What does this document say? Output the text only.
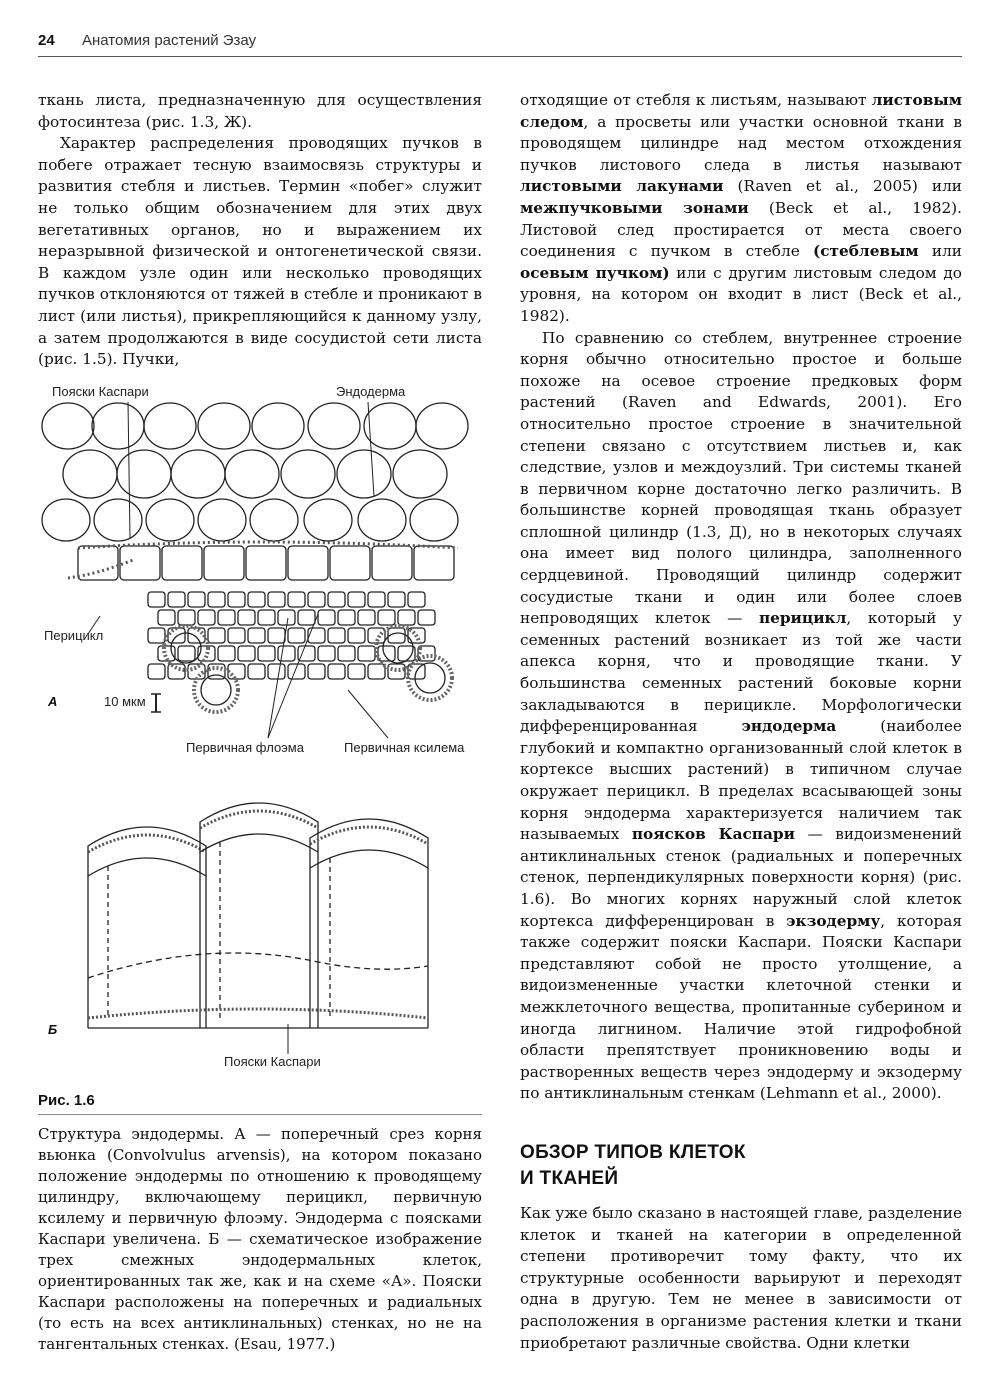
24 Анатомия растений Эзау

ткань листа, предназначенную для осуществления фотосинтеза (рис. 1.3, Ж).

Характер распределения проводящих пучков в побеге отражает тесную взаимосвязь структуры и развития стебля и листьев. Термин «побег» служит не только общим обозначением для этих двух вегетативных органов, но и выражением их неразрывной физической и онтогенетической связи. В каждом узле один или несколько проводящих пучков отклоняются от тяжей в стебле и проникают в лист (или листья), прикрепляющийся к данному узлу, а затем продолжаются в виде сосудистой сети листа (рис. 1.5). Пучки,

Пояски Каспари	Эндодерма
Перицикл
А	10 мкм
Первичная флоэма	Первичная ксилема
Б
Пояски Каспари
Рис. 1.6
Структура эндодермы. А — поперечный срез корня вьюнка (Convolvulus arvensis), на котором показано положение эндодермы по отношению к проводящему цилиндру, включающему перицикл, первичную ксилему и первичную флоэму. Эндодерма с поясками Каспари увеличена. Б — схематическое изображение трех смежных эндодермальных клеток, ориентированных так же, как и на схеме «А». Пояски Каспари расположены на поперечных и радиальных (то есть на всех антиклинальных) стенках, но не на тангентальных стенках. (Esau, 1977.)

отходящие от стебля к листьям, называют листовым следом, а просветы или участки основной ткани в проводящем цилиндре над местом отхождения пучков листового следа в листья называют листовыми лакунами (Raven et al., 2005) или межпучковыми зонами (Beck et al., 1982). Листовой след простирается от места своего соединения с пучком в стебле (стеблевым или осевым пучком) или с другим листовым следом до уровня, на котором он входит в лист (Beck et al., 1982).

По сравнению со стеблем, внутреннее строение корня обычно относительно простое и больше похоже на осевое строение предковых форм растений (Raven and Edwards, 2001). Его относительно простое строение в значительной степени связано с отсутствием листьев и, как следствие, узлов и междоузлий. Три системы тканей в первичном корне достаточно легко различить. В большинстве корней проводящая ткань образует сплошной цилиндр (1.3, Д), но в некоторых случаях она имеет вид полого цилиндра, заполненного сердцевиной. Проводящий цилиндр содержит сосудистые ткани и один или более слоев непроводящих клеток — перицикл, который у семенных растений возникает из той же части апекса корня, что и проводящие ткани. У большинства семенных растений боковые корни закладываются в перицикле. Морфологически дифференцированная эндодерма (наиболее глубокий и компактно организованный слой клеток в кортексе высших растений) в типичном случае окружает перицикл. В пределах всасывающей зоны корня эндодерма характеризуется наличием так называемых поясков Каспари — видоизменений антиклинальных стенок (радиальных и поперечных стенок, перпендикулярных поверхности корня) (рис. 1.6). Во многих корнях наружный слой клеток кортекса дифференцирован в экзодерму, которая также содержит пояски Каспари. Пояски Каспари представляют собой не просто утолщение, а видоизмененные участки клеточной стенки и межклеточного вещества, пропитанные суберином и иногда лигнином. Наличие этой гидрофобной области препятствует проникновению воды и растворенных веществ через эндодерму и экзодерму по антиклинальным стенкам (Lehmann et al., 2000).

ОБЗОР ТИПОВ КЛЕТОК
И ТКАНЕЙ

Как уже было сказано в настоящей главе, разделение клеток и тканей на категории в определенной степени противоречит тому факту, что их структурные особенности варьируют и переходят одна в другую. Тем не менее в зависимости от расположения в организме растения клетки и ткани приобретают различные свойства. Одни клетки
